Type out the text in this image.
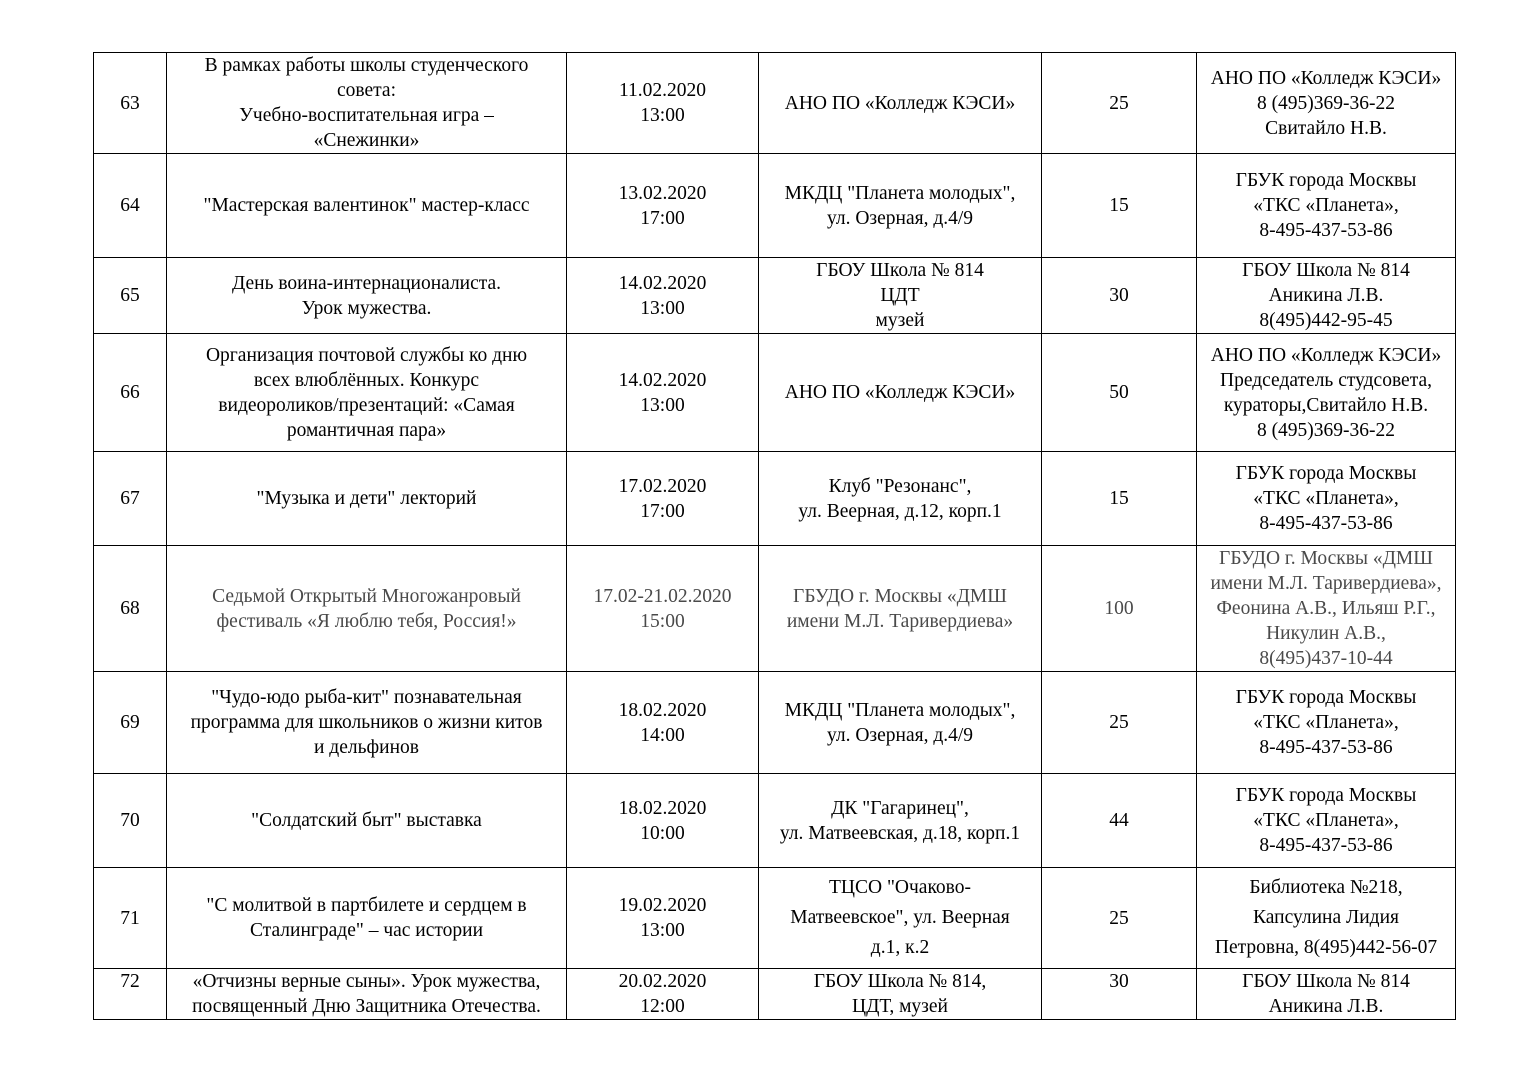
63	В рамках работы школы студенческого
совета:
Учебно-воспитательная игра –
«Снежинки»	11.02.2020
13:00	АНО ПО «Колледж КЭСИ»	25	АНО ПО «Колледж КЭСИ»
8 (495)369-36-22
Свитайло Н.В.

64	"Мастерская валентинок" мастер-класс	13.02.2020
17:00	МКДЦ "Планета молодых",
ул. Озерная, д.4/9	15	ГБУК города Москвы
«ТКС «Планета»,
8-495-437-53-86

65	День воина-интернационалиста.
Урок мужества.	14.02.2020
13:00	ГБОУ Школа № 814
ЦДТ
музей	30	ГБОУ Школа № 814
Аникина Л.В.
8(495)442-95-45

66	Организация почтовой службы ко дню
всех влюблённых. Конкурс
видеороликов/презентаций: «Самая
романтичная пара»	14.02.2020
13:00	АНО ПО «Колледж КЭСИ»	50	АНО ПО «Колледж КЭСИ»
Председатель студсовета,
кураторы,Свитайло Н.В.
8 (495)369-36-22

67	"Музыка и дети" лекторий	17.02.2020
17:00	Клуб "Резонанс",
ул. Веерная, д.12, корп.1	15	ГБУК города Москвы
«ТКС «Планета»,
8-495-437-53-86

68	Седьмой Открытый Многожанровый
фестиваль «Я люблю тебя, Россия!»	17.02-21.02.2020
15:00	ГБУДО г. Москвы «ДМШ
имени М.Л. Таривердиева»	100	ГБУДО г. Москвы «ДМШ
имени М.Л. Таривердиева»,
Феонина А.В., Ильяш Р.Г.,
Никулин А.В.,
8(495)437-10-44

69	"Чудо-юдо рыба-кит" познавательная
программа для школьников о жизни китов
и дельфинов	18.02.2020
14:00	МКДЦ "Планета молодых",
ул. Озерная, д.4/9	25	ГБУК города Москвы
«ТКС «Планета»,
8-495-437-53-86

70	"Солдатский быт" выставка	18.02.2020
10:00	ДК "Гагаринец",
ул. Матвеевская, д.18, корп.1	44	ГБУК города Москвы
«ТКС «Планета»,
8-495-437-53-86

71	"С молитвой в партбилете и сердцем в
Сталинграде" – час истории	19.02.2020
13:00	ТЦСО "Очаково-
Матвеевское", ул. Веерная
д.1, к.2	25	Библиотека №218,
Капсулина Лидия
Петровна, 8(495)442-56-07

72	«Отчизны верные сыны». Урок мужества,
посвященный Дню Защитника Отечества.	20.02.2020
12:00	ГБОУ Школа № 814,
ЦДТ, музей	30	ГБОУ Школа № 814
Аникина Л.В.
